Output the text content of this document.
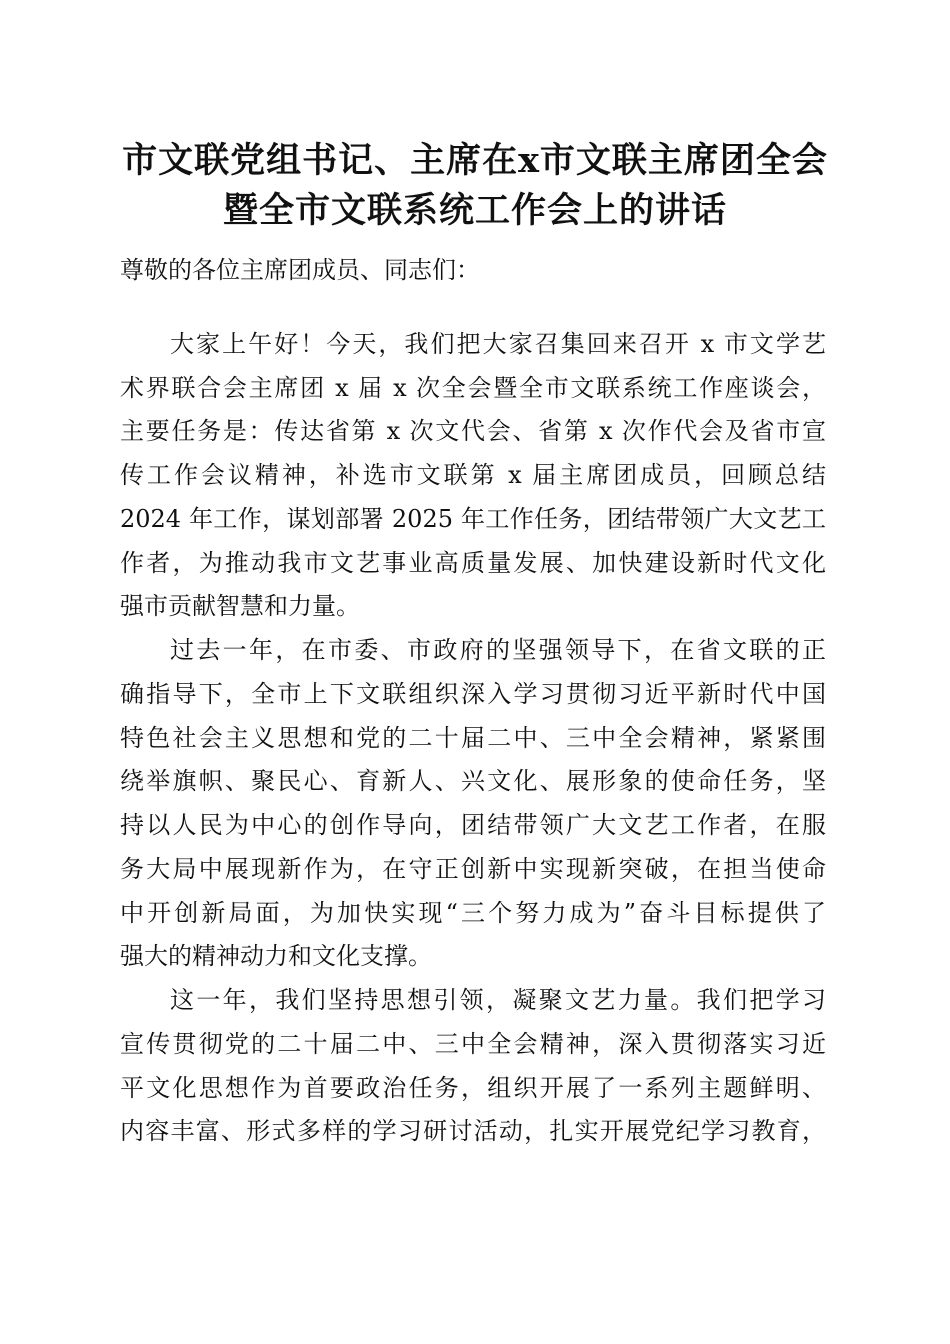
市文联党组书记、主席在x市文联主席团全会
暨全市文联系统工作会上的讲话
尊敬的各位主席团成员、同志们：
大家上午好！今天，我们把大家召集回来召开 x 市文学艺
术界联合会主席团 x 届 x 次全会暨全市文联系统工作座谈会，
主要任务是：传达省第 x 次文代会、省第 x 次作代会及省市宣
传工作会议精神，补选市文联第 x 届主席团成员，回顾总结
2024 年工作，谋划部署 2025 年工作任务，团结带领广大文艺工
作者，为推动我市文艺事业高质量发展、加快建设新时代文化
强市贡献智慧和力量。
过去一年，在市委、市政府的坚强领导下，在省文联的正
确指导下，全市上下文联组织深入学习贯彻习近平新时代中国
特色社会主义思想和党的二十届二中、三中全会精神，紧紧围
绕举旗帜、聚民心、育新人、兴文化、展形象的使命任务，坚
持以人民为中心的创作导向，团结带领广大文艺工作者，在服
务大局中展现新作为，在守正创新中实现新突破，在担当使命
中开创新局面，为加快实现“三个努力成为”奋斗目标提供了
强大的精神动力和文化支撑。
这一年，我们坚持思想引领，凝聚文艺力量。我们把学习
宣传贯彻党的二十届二中、三中全会精神，深入贯彻落实习近
平文化思想作为首要政治任务，组织开展了一系列主题鲜明、
内容丰富、形式多样的学习研讨活动，扎实开展党纪学习教育，
